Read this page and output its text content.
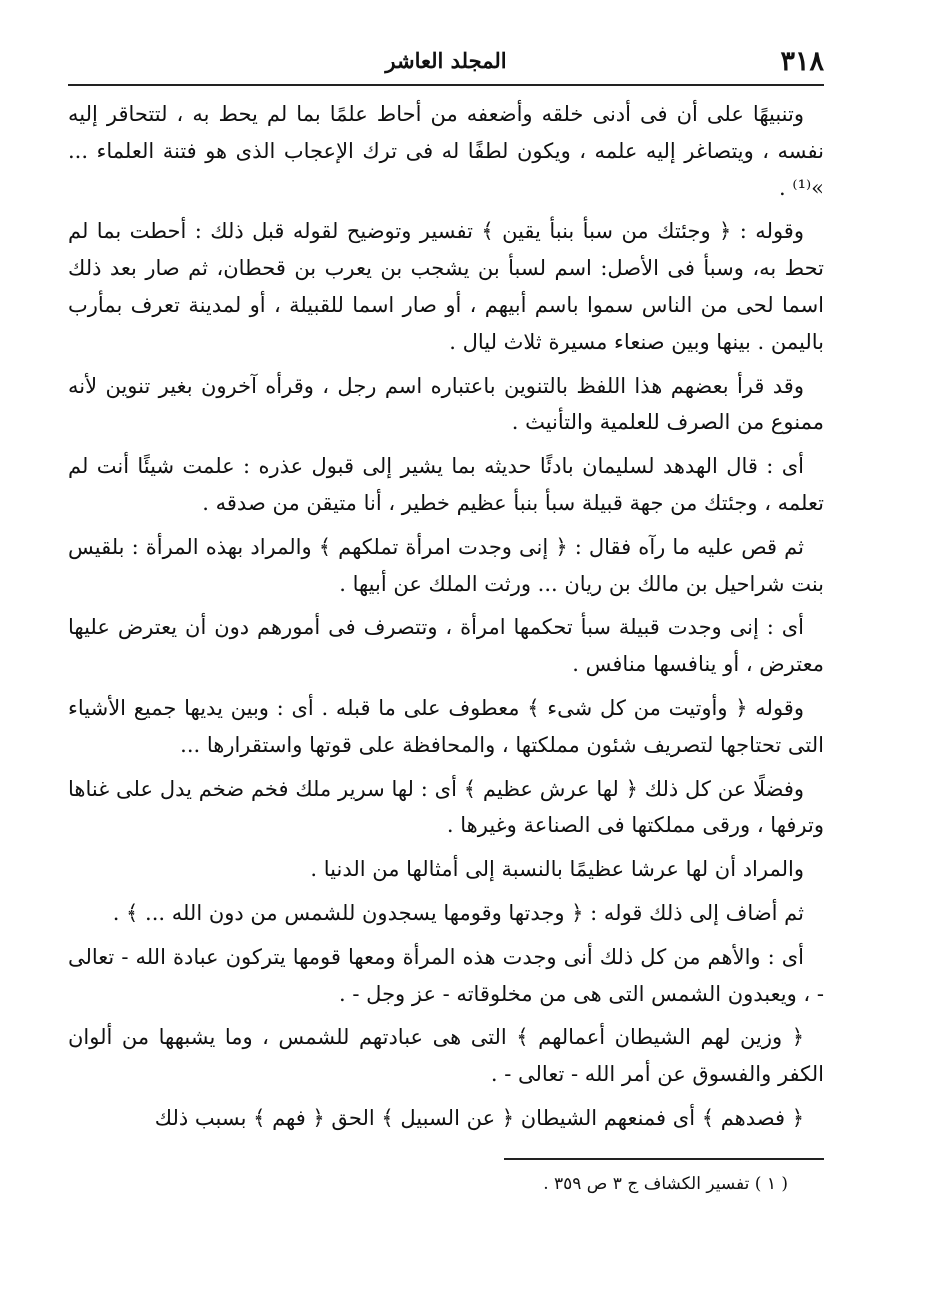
٣١٨
المجلد العاشر

وتنبيهًا على أن فى أدنى خلقه وأضعفه من أحاط علمًا بما لم يحط به ، لتتحاقر إليه نفسه ، ويتصاغر إليه علمه ، ويكون لطفًا له فى ترك الإعجاب الذى هو فتنة العلماء ... »⁽¹⁾ .

وقوله : ﴿ وجئتك من سبأ بنبأ يقين ﴾ تفسير وتوضيح لقوله قبل ذلك : أحطت بما لم تحط به، وسبأ فى الأصل: اسم لسبأ بن يشجب بن يعرب بن قحطان، ثم صار بعد ذلك اسما لحى من الناس سموا باسم أبيهم ، أو صار اسما للقبيلة ، أو لمدينة تعرف بمأرب باليمن . بينها وبين صنعاء مسيرة ثلاث ليال .

وقد قرأ بعضهم هذا اللفظ بالتنوين باعتباره اسم رجل ، وقرأه آخرون بغير تنوين لأنه ممنوع من الصرف للعلمية والتأنيث .

أى : قال الهدهد لسليمان بادئًا حديثه بما يشير إلى قبول عذره : علمت شيئًا أنت لم تعلمه ، وجئتك من جهة قبيلة سبأ بنبأ عظيم خطير ، أنا متيقن من صدقه .

ثم قص عليه ما رآه فقال : ﴿ إنى وجدت امرأة تملكهم ﴾ والمراد بهذه المرأة : بلقيس بنت شراحيل بن مالك بن ريان ... ورثت الملك عن أبيها .

أى : إنى وجدت قبيلة سبأ تحكمها امرأة ، وتتصرف فى أمورهم دون أن يعترض عليها معترض ، أو ينافسها منافس .

وقوله ﴿ وأوتيت من كل شىء ﴾ معطوف على ما قبله . أى : وبين يديها جميع الأشياء التى تحتاجها لتصريف شئون مملكتها ، والمحافظة على قوتها واستقرارها ...

وفضلًا عن كل ذلك ﴿ لها عرش عظيم ﴾ أى : لها سرير ملك فخم ضخم يدل على غناها وترفها ، ورقى مملكتها فى الصناعة وغيرها .

والمراد أن لها عرشا عظيمًا بالنسبة إلى أمثالها من الدنيا .

ثم أضاف إلى ذلك قوله : ﴿ وجدتها وقومها يسجدون للشمس من دون الله ... ﴾ .

أى : والأهم من كل ذلك أنى وجدت هذه المرأة ومعها قومها يتركون عبادة الله - تعالى - ، ويعبدون الشمس التى هى من مخلوقاته - عز وجل - .

﴿ وزين لهم الشيطان أعمالهم ﴾ التى هى عبادتهم للشمس ، وما يشبهها من ألوان الكفر والفسوق عن أمر الله - تعالى - .

﴿ فصدهم ﴾ أى فمنعهم الشيطان ﴿ عن السبيل ﴾ الحق ﴿ فهم ﴾ بسبب ذلك

( ١ ) تفسير الكشاف ج ٣ ص ٣٥٩ .
